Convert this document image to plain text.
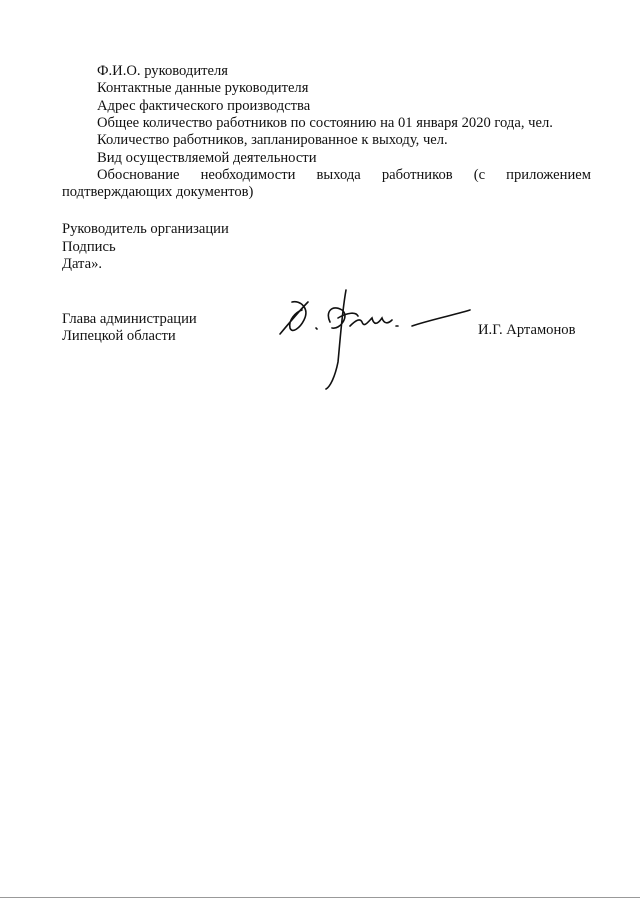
Ф.И.О. руководителя
Контактные данные руководителя
Адрес фактического производства
Общее количество работников по состоянию на 01 января 2020 года, чел.
Количество работников, запланированное к выходу, чел.
Вид осуществляемой деятельности
Обоснование необходимости выхода работников (с приложением
подтверждающих документов)
Руководитель организации
Подпись
Дата».
Глава администрации
Липецкой области	И.Г. Артамонов
